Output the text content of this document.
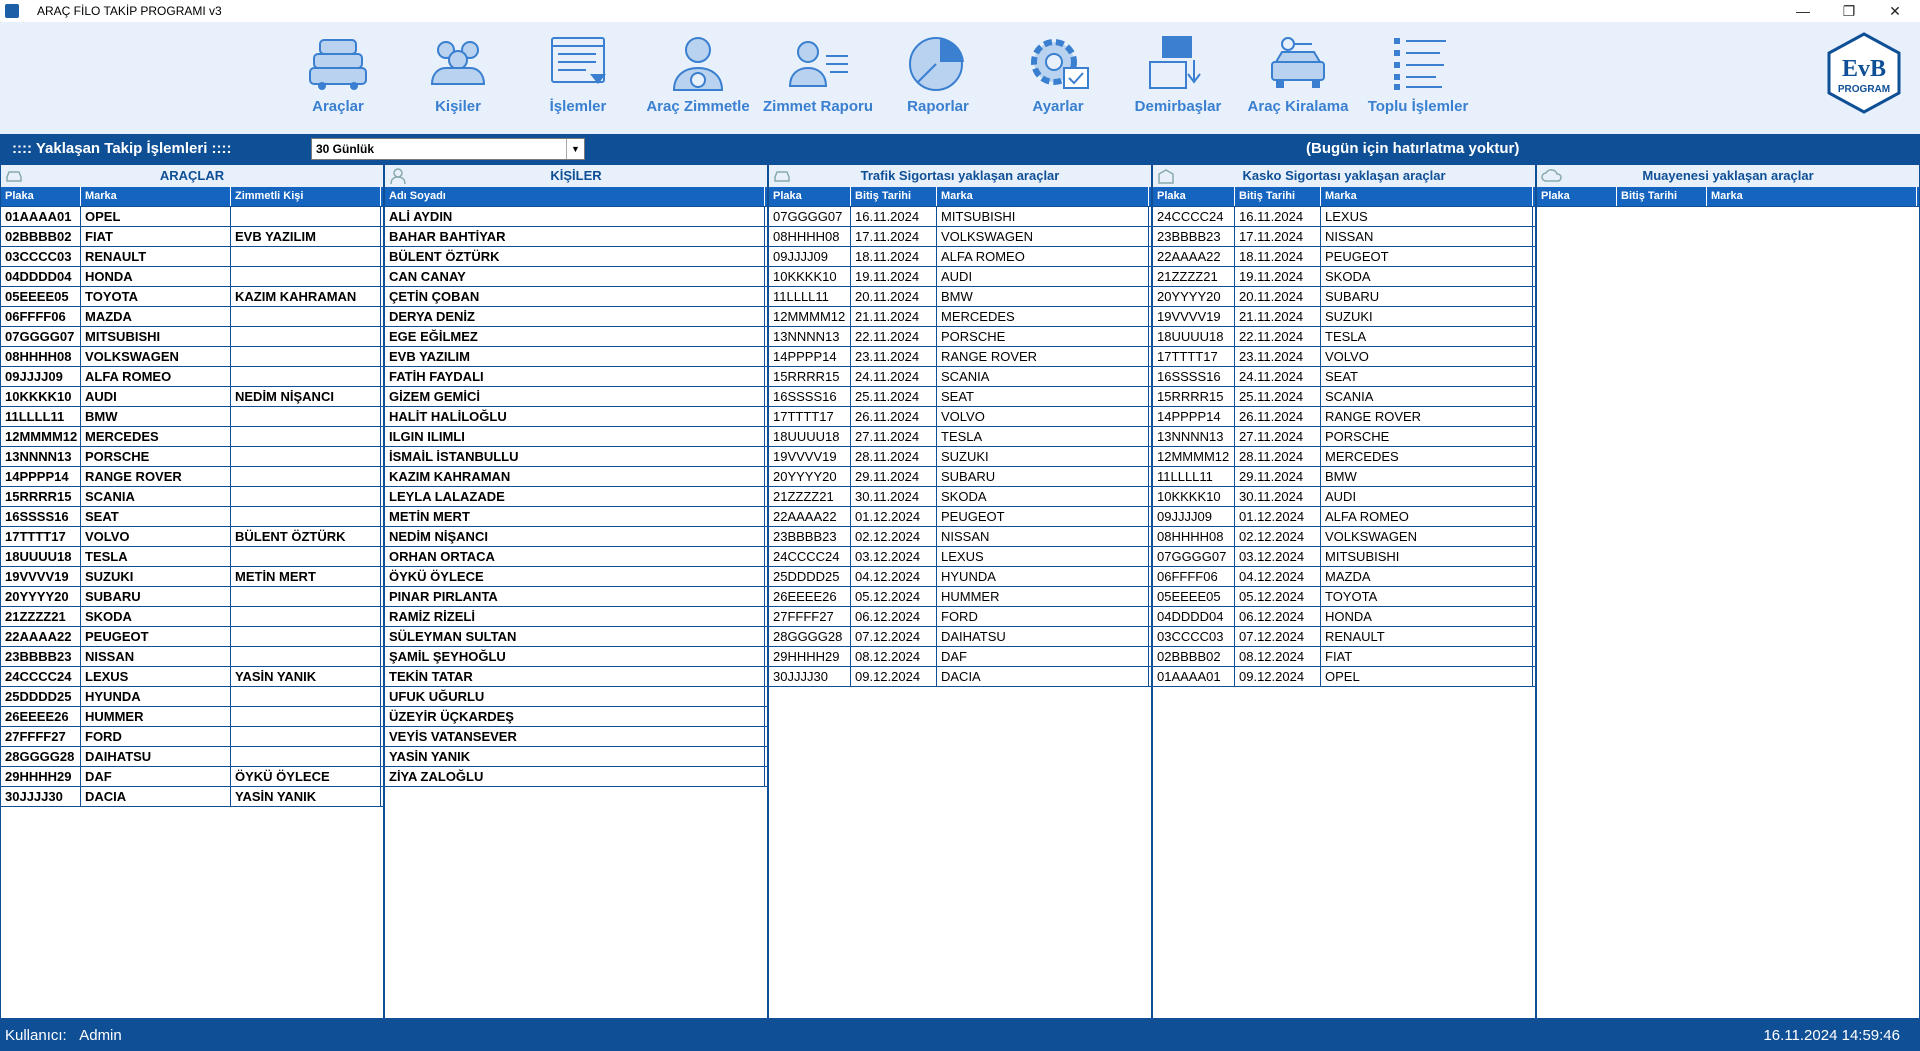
ARAÇ FİLO TAKİP PROGRAMI v3	—	❐	✕
Araçlar	Kişiler	İşlemler	Araç Zimmetle Zimmet Raporu	Raporlar	Ayarlar	Demirbaşlar	Araç Kiralama	Toplu İşlemler
EvB
PROGRAM
:::: Yaklaşan Takip İşlemleri ::::	30 Günlük	▼	(Bugün için hatırlatma yoktur)
ARAÇLAR
Plaka	Marka	Zimmetli Kişi
01AAAA01	OPEL
02BBBB02	FIAT	EVB YAZILIM
03CCCC03	RENAULT
04DDDD04	HONDA
05EEEE05	TOYOTA	KAZIM KAHRAMAN
06FFFF06	MAZDA
07GGGG07 MITSUBISHI
08HHHH08	VOLKSWAGEN
09JJJJ09	ALFA ROMEO
10KKKK10	AUDI	NEDİM NİŞANCI
11LLLL11	BMW
12MMMM12 MERCEDES
13NNNN13	PORSCHE
14PPPP14	RANGE ROVER
15RRRR15	SCANIA
16SSSS16	SEAT
17TTTT17	VOLVO	BÜLENT ÖZTÜRK
18UUUU18	TESLA
19VVVV19	SUZUKI	METİN MERT
20YYYY20	SUBARU
21ZZZZ21	SKODA
22AAAA22	PEUGEOT
23BBBB23	NISSAN
24CCCC24	LEXUS	YASİN YANIK
25DDDD25	HYUNDA
26EEEE26	HUMMER
27FFFF27	FORD
28GGGG28 DAIHATSU
29HHHH29	DAF	ÖYKÜ ÖYLECE
30JJJJ30	DACIA	YASİN YANIK
KİŞİLER
Adı Soyadı
ALİ AYDIN
BAHAR BAHTİYAR
BÜLENT ÖZTÜRK
CAN CANAY
ÇETİN ÇOBAN
DERYA DENİZ
EGE EĞİLMEZ
EVB YAZILIM
FATİH FAYDALI
GİZEM GEMİCİ
HALİT HALİLOĞLU
ILGIN ILIMLI
İSMAİL İSTANBULLU
KAZIM KAHRAMAN
LEYLA LALAZADE
METİN MERT
NEDİM NİŞANCI
ORHAN ORTACA
ÖYKÜ ÖYLECE
PINAR PIRLANTA
RAMİZ RİZELİ
SÜLEYMAN SULTAN
ŞAMİL ŞEYHOĞLU
TEKİN TATAR
UFUK UĞURLU
ÜZEYİR ÜÇKARDEŞ
VEYİS VATANSEVER
YASİN YANIK
ZİYA ZALOĞLU
Trafik Sigortası yaklaşan araçlar
Plaka	Bitiş Tarihi	Marka
07GGGG07 16.11.2024	MITSUBISHI
08HHHH08	17.11.2024	VOLKSWAGEN
09JJJJ09	18.11.2024	ALFA ROMEO
10KKKK10	19.11.2024	AUDI
11LLLL11	20.11.2024	BMW
12MMMM12 21.11.2024	MERCEDES
13NNNN13	22.11.2024	PORSCHE
14PPPP14	23.11.2024	RANGE ROVER
15RRRR15	24.11.2024	SCANIA
16SSSS16	25.11.2024	SEAT
17TTTT17	26.11.2024	VOLVO
18UUUU18	27.11.2024	TESLA
19VVVV19	28.11.2024	SUZUKI
20YYYY20	29.11.2024	SUBARU
21ZZZZ21	30.11.2024	SKODA
22AAAA22	01.12.2024	PEUGEOT
23BBBB23	02.12.2024	NISSAN
24CCCC24	03.12.2024	LEXUS
25DDDD25	04.12.2024	HYUNDA
26EEEE26	05.12.2024	HUMMER
27FFFF27	06.12.2024	FORD
28GGGG28 07.12.2024	DAIHATSU
29HHHH29	08.12.2024	DAF
30JJJJ30	09.12.2024	DACIA
Kasko Sigortası yaklaşan araçlar
Plaka	Bitiş Tarihi	Marka
24CCCC24	16.11.2024	LEXUS
23BBBB23	17.11.2024	NISSAN
22AAAA22	18.11.2024	PEUGEOT
21ZZZZ21	19.11.2024	SKODA
20YYYY20	20.11.2024	SUBARU
19VVVV19	21.11.2024	SUZUKI
18UUUU18	22.11.2024	TESLA
17TTTT17	23.11.2024	VOLVO
16SSSS16	24.11.2024	SEAT
15RRRR15	25.11.2024	SCANIA
14PPPP14	26.11.2024	RANGE ROVER
13NNNN13	27.11.2024	PORSCHE
12MMMM12 28.11.2024	MERCEDES
11LLLL11	29.11.2024	BMW
10KKKK10	30.11.2024	AUDI
09JJJJ09	01.12.2024	ALFA ROMEO
08HHHH08	02.12.2024	VOLKSWAGEN
07GGGG07 03.12.2024	MITSUBISHI
06FFFF06	04.12.2024	MAZDA
05EEEE05	05.12.2024	TOYOTA
04DDDD04	06.12.2024	HONDA
03CCCC03	07.12.2024	RENAULT
02BBBB02	08.12.2024	FIAT
01AAAA01	09.12.2024	OPEL
Muayenesi yaklaşan araçlar
Plaka	Bitiş Tarihi	Marka
Kullanıcı: Admin	16.11.2024 14:59:46
